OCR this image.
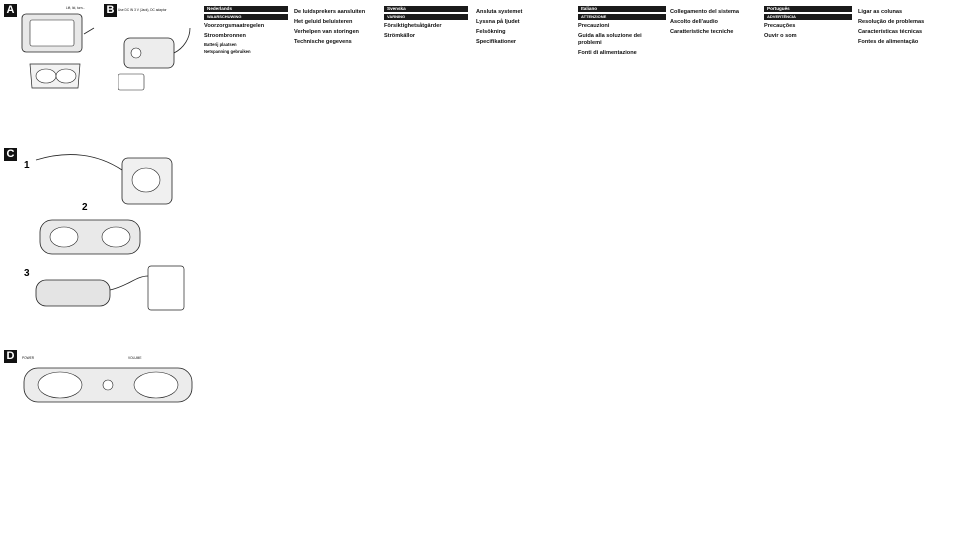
A	Lift, lid, turn...	B	Use DC IN 3 V (Jack), DC adaptor
C
1
2
3
D	POWER	VOLUME
Nederlands
WAARSCHUWING
Voorzorgsmaatregelen
Stroombronnen
Batterij plaatsen
Netspanning gebruiken
De luidsprekers aansluiten
Het geluid beluisteren
Verhelpen van storingen
Technische gegevens
Svenska
VARNING
Försiktighetsåtgärder
Strömkällor
Ansluta systemet
Lyssna på ljudet
Felsökning
Specifikationer
Italiano
ATTENZIONE
Precauzioni
Guida alla soluzione dei problemi
Fonti di alimentazione
Collegamento del sistema
Ascolto dell'audio
Caratteristiche tecniche
Português
ADVERTÊNCIA
Precauções
Ouvir o som
Ligar as colunas
Resolução de problemas
Características técnicas
Fontes de alimentação
